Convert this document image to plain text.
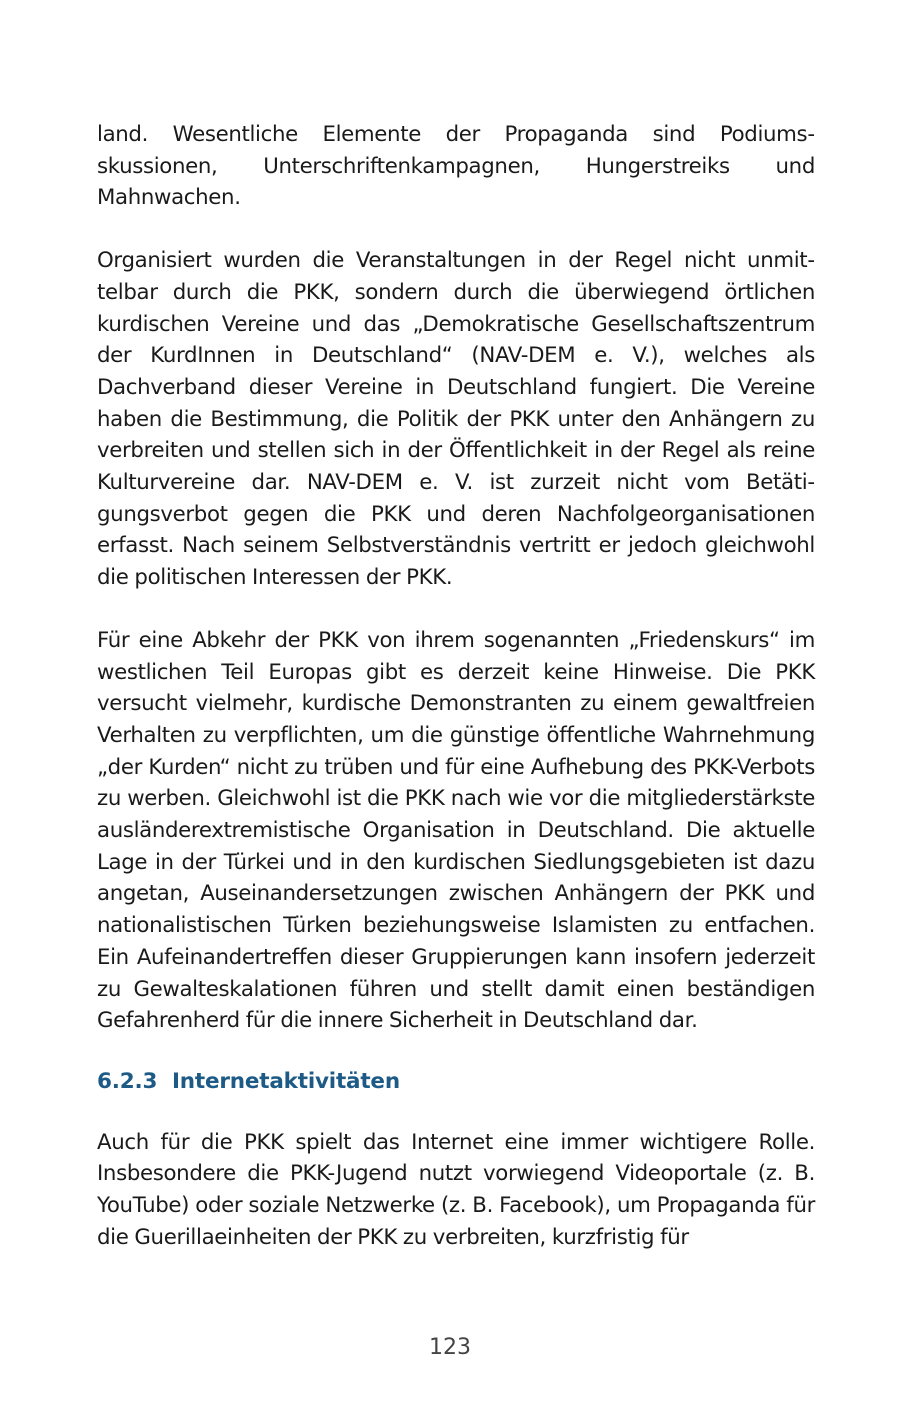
land. Wesentliche Elemente der Propaganda sind Podiumsskussionen, Unterschriftenkampagnen, Hungerstreiks und Mahnwachen.

Organisiert wurden die Veranstaltungen in der Regel nicht unmittelbar durch die PKK, sondern durch die überwiegend örtlichen kurdischen Vereine und das „Demokratische Gesellschaftszentrum der KurdInnen in Deutschland“ (NAV-DEM e. V.), welches als Dachverband dieser Vereine in Deutschland fungiert. Die Vereine haben die Bestimmung, die Politik der PKK unter den Anhängern zu verbreiten und stellen sich in der Öffentlichkeit in der Regel als reine Kulturvereine dar. NAV-DEM e. V. ist zurzeit nicht vom Betätigungsverbot gegen die PKK und deren Nachfolgeorganisationen erfasst. Nach seinem Selbstverständnis vertritt er jedoch gleichwohl die politischen Interessen der PKK.

Für eine Abkehr der PKK von ihrem sogenannten „Friedenskurs“ im westlichen Teil Europas gibt es derzeit keine Hinweise. Die PKK versucht vielmehr, kurdische Demonstranten zu einem gewaltfreien Verhalten zu verpflichten, um die günstige öffentliche Wahrnehmung „der Kurden“ nicht zu trüben und für eine Aufhebung des PKK-Verbots zu werben. Gleichwohl ist die PKK nach wie vor die mitgliederstärkste ausländerextremistische Organisation in Deutschland. Die aktuelle Lage in der Türkei und in den kurdischen Siedlungsgebieten ist dazu angetan, Auseinandersetzungen zwischen Anhängern der PKK und nationalistischen Türken beziehungsweise Islamisten zu entfachen. Ein Aufeinandertreffen dieser Gruppierungen kann insofern jederzeit zu Gewalteskalationen führen und stellt damit einen beständigen Gefahrenherd für die innere Sicherheit in Deutschland dar.

6.2.3 Internetaktivitäten

Auch für die PKK spielt das Internet eine immer wichtigere Rolle. Insbesondere die PKK-Jugend nutzt vorwiegend Videoportale (z. B. YouTube) oder soziale Netzwerke (z. B. Facebook), um Propaganda für die Guerillaeinheiten der PKK zu verbreiten, kurzfristig für

123
